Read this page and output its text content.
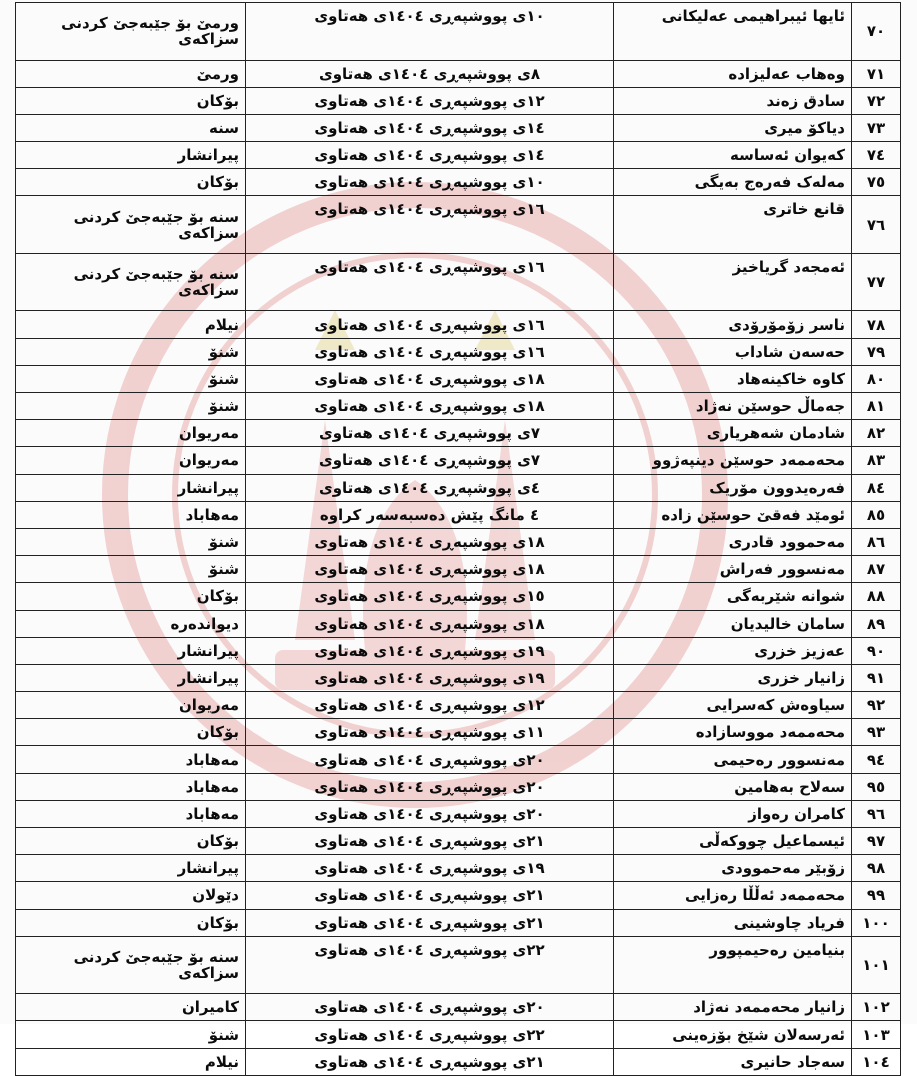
٧٠	ئایها ئیبراهیمی عەلیکانی	١٠ی پووشپەڕی ١٤٠٤ی هەتاوی	ورمێ بۆ جێبەجێ کردنی سزاکەی
٧١	وەهاب عەلیزادە	٨ی پووشپەڕی ١٤٠٤ی هەتاوی	ورمێ
٧٢	سادق زەند	١٢ی پووشپەڕی ١٤٠٤ی هەتاوی	بۆکان
٧٣	دیاکۆ میری	١٤ی پووشپەڕی ١٤٠٤ی هەتاوی	سنە
٧٤	کەیوان ئەساسە	١٤ی پووشپەڕی ١٤٠٤ی هەتاوی	پیرانشار
٧٥	مەلەک فەرەج بەیگی	١٠ی پووشپەڕی ١٤٠٤ی هەتاوی	بۆکان
٧٦	قانع خاتری	١٦ی پووشپەڕی ١٤٠٤ی هەتاوی	سنە بۆ جێبەجێ کردنی سزاکەی
٧٧	ئەمجەد گریاخیز	١٦ی پووشپەڕی ١٤٠٤ی هەتاوی	سنە بۆ جێبەجێ کردنی سزاکەی
٧٨	ناسر زۆمۆرۆدی	١٦ی پووشپەڕی ١٤٠٤ی هەتاوی	نیلام
٧٩	حەسەن شاداب	١٦ی پووشپەڕی ١٤٠٤ی هەتاوی	شنۆ
٨٠	کاوە خاکینەهاد	١٨ی پووشپەڕی ١٤٠٤ی هەتاوی	شنۆ
٨١	جەماڵ حوسێن نەژاد	١٨ی پووشپەڕی ١٤٠٤ی هەتاوی	شنۆ
٨٢	شادمان شەهریاری	٧ی پووشپەڕی ١٤٠٤ی هەتاوی	مەریوان
٨٣	محەممەد حوسێن دینپەژوو	٧ی پووشپەڕی ١٤٠٤ی هەتاوی	مەریوان
٨٤	فەرەیدوون مۆریک	٤ی پووشپەڕی ١٤٠٤ی هەتاوی	پیرانشار
٨٥	ئومێد فەقێ حوسێن زادە	٤ مانگ پێش دەسبەسەر کراوە	مەهاباد
٨٦	مەحموود قادری	١٨ی پووشپەڕی ١٤٠٤ی هەتاوی	شنۆ
٨٧	مەنسوور فەراش	١٨ی پووشپەڕی ١٤٠٤ی هەتاوی	شنۆ
٨٨	شوانە شێربەگی	١٥ی پووشپەڕی ١٤٠٤ی هەتاوی	بۆکان
٨٩	سامان خالیدیان	١٨ی پووشپەڕی ١٤٠٤ی هەتاوی	دیواندەرە
٩٠	عەزیز خزری	١٩ی پووشپەڕی ١٤٠٤ی هەتاوی	پیرانشار
٩١	زانیار خزری	١٩ی پووشپەڕی ١٤٠٤ی هەتاوی	پیرانشار
٩٢	سیاوەش کەسرایی	١٢ی پووشپەڕی ١٤٠٤ی هەتاوی	مەریوان
٩٣	محەممەد مووسازادە	١١ی پووشپەڕی ١٤٠٤ی هەتاوی	بۆکان
٩٤	مەنسوور رەحیمی	٢٠ی پووشپەڕی ١٤٠٤ی هەتاوی	مەهاباد
٩٥	سەلاح بەهامین	٢٠ی پووشپەڕی ١٤٠٤ی هەتاوی	مەهاباد
٩٦	کامران رەواز	٢٠ی پووشپەڕی ١٤٠٤ی هەتاوی	مەهاباد
٩٧	ئیسماعیل چووکەڵی	٢١ی پووشپەڕی ١٤٠٤ی هەتاوی	بۆکان
٩٨	زۆبێر مەحموودی	١٩ی پووشپەڕی ١٤٠٤ی هەتاوی	پیرانشار
٩٩	محەممەد ئەڵڵا رەزایی	٢١ی پووشپەڕی ١٤٠٤ی هەتاوی	دێولان
١٠٠	فریاد چاوشینی	٢١ی پووشپەڕی ١٤٠٤ی هەتاوی	بۆکان
١٠١	بنیامین رەحیمپوور	٢٢ی پووشپەڕی ١٤٠٤ی هەتاوی	سنە بۆ جێبەجێ کردنی سزاکەی
١٠٢	زانیار محەممەد نەژاد	٢٠ی پووشپەڕی ١٤٠٤ی هەتاوی	کامیران
١٠٣	ئەرسەلان شێخ بۆزەینی	٢٢ی پووشپەڕی ١٤٠٤ی هەتاوی	شنۆ
١٠٤	سەجاد حانیری	٢١ی پووشپەڕی ١٤٠٤ی هەتاوی	نیلام
